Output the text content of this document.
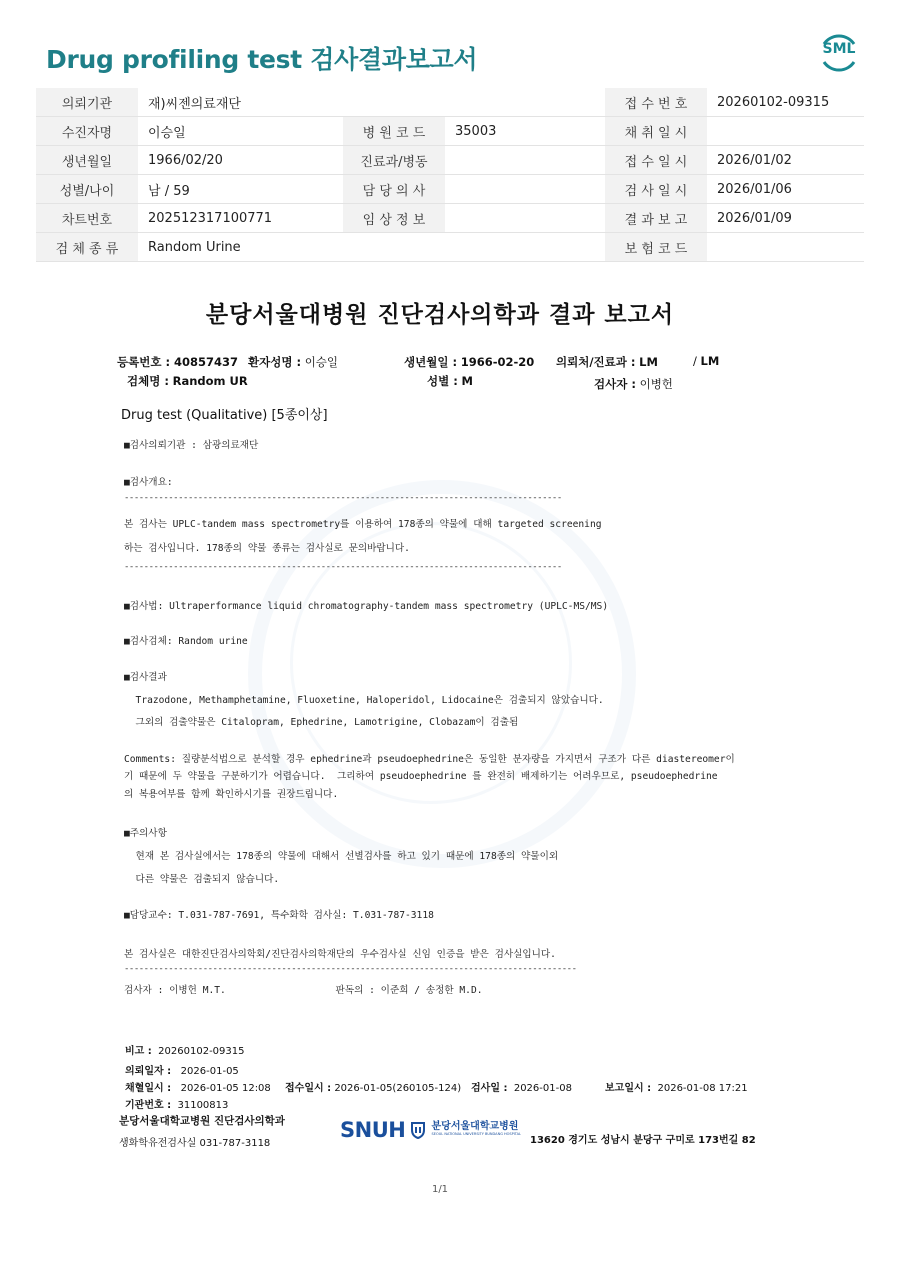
Drug profiling test 검사결과보고서	SML
의뢰기관	재)씨젠의료재단			접 수 번 호	20260102-09315
수진자명	이승일	병 원 코 드	35003	채 취 일 시	
생년월일	1966/02/20	진료과/병동		접 수 일 시	2026/01/02
성별/나이	남 / 59	담 당 의 사		검 사 일 시	2026/01/06
차트번호	202512317100771	임 상 정 보		결 과 보 고	2026/01/09
검 체 종 류	Random Urine			보 험 코 드	
분당서울대병원 진단검사의학과 결과 보고서
등록번호 : 40857437 환자성명 : 이승일	생년월일 : 1966-02-20 의뢰처/진료과 : LM	/ LM
검체명 : Random UR	성별 : M	검사자 : 이병헌
Drug test (Qualitative) [5종이상]
■검사의뢰기관 : 삼광의료재단
■검사개요:
-----------------------------------------------------------------------------------------
본 검사는 UPLC-tandem mass spectrometry를 이용하여 178종의 약물에 대해 targeted screening
하는 검사입니다. 178종의 약물 종류는 검사실로 문의바랍니다.
-----------------------------------------------------------------------------------------
■검사법: Ultraperformance liquid chromatography-tandem mass spectrometry (UPLC-MS/MS)
■검사검체: Random urine
■검사결과
Trazodone, Methamphetamine, Fluoxetine, Haloperidol, Lidocaine은 검출되지 않았습니다.
그외의 검출약물은 Citalopram, Ephedrine, Lamotrigine, Clobazam이 검출됨
Comments: 질량분석법으로 분석할 경우 ephedrine과 pseudoephedrine은 동일한 분자량을 가지면서 구조가 다른 diastereomer이
기 때문에 두 약물을 구분하기가 어렵습니다.  그리하여 pseudoephedrine 를 완전히 배제하기는 어려우므로, pseudoephedrine
의 복용여부를 함께 확인하시기를 권장드립니다.
■주의사항
현재 본 검사실에서는 178종의 약물에 대해서 선별검사를 하고 있기 때문에 178종의 약물이외
다른 약물은 검출되지 않습니다.
■담당교수: T.031-787-7691, 특수화학 검사실: T.031-787-3118
본 검사실은 대한진단검사의학회/진단검사의학재단의 우수검사실 신임 인증을 받은 검사실입니다.
--------------------------------------------------------------------------------------------
검사자 : 이병헌 M.T.                   판독의 : 이준희 / 송정한 M.D.
비고 : 20260102-09315
의뢰일자 : 2026-01-05
채혈일시 : 2026-01-05 12:08 접수일시 : 2026-01-05(260105-124) 검사일 : 2026-01-08	보고일시 : 2026-01-08 17:21
기관번호 : 31100813
분당서울대학교병원 진단검사의학과
생화학유전검사실 031-787-3118
SNUH	분당서울대학교병원
SEOUL NATIONAL UNIVERSITY BUNDANG HOSPITAL
13620 경기도 성남시 분당구 구미로 173번길 82
1/1
